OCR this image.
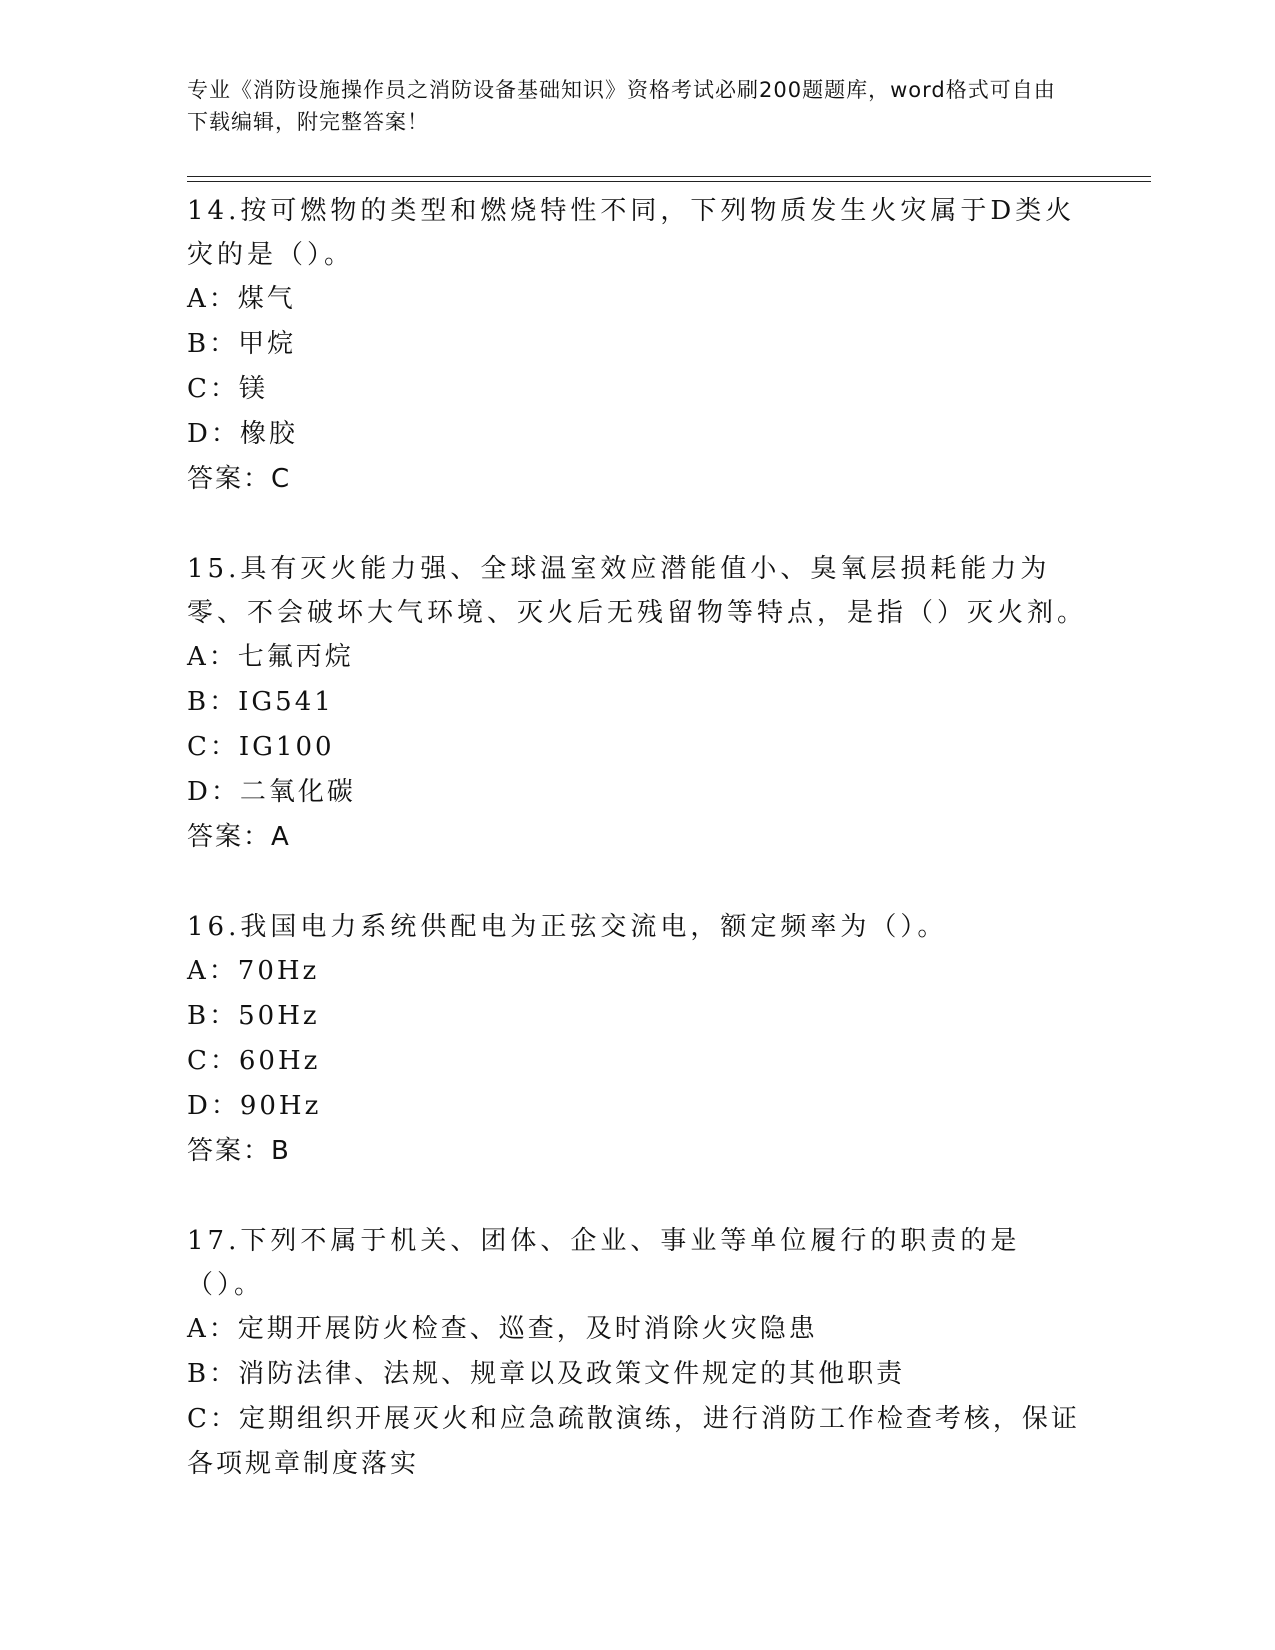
专业《消防设施操作员之消防设备基础知识》资格考试必刷200题题库，word格式可自由下载编辑，附完整答案！
14.按可燃物的类型和燃烧特性不同，下列物质发生火灾属于D类火灾的是（）。
A：煤气
B：甲烷
C：镁
D：橡胶
答案：C
15.具有灭火能力强、全球温室效应潜能值小、臭氧层损耗能力为零、不会破坏大气环境、灭火后无残留物等特点，是指（）灭火剂。
A：七氟丙烷
B：IG541
C：IG100
D：二氧化碳
答案：A
16.我国电力系统供配电为正弦交流电，额定频率为（）。
A：70Hz
B：50Hz
C：60Hz
D：90Hz
答案：B
17.下列不属于机关、团体、企业、事业等单位履行的职责的是（）。
A：定期开展防火检查、巡查，及时消除火灾隐患
B：消防法律、法规、规章以及政策文件规定的其他职责
C：定期组织开展灭火和应急疏散演练，进行消防工作检查考核，保证各项规章制度落实
